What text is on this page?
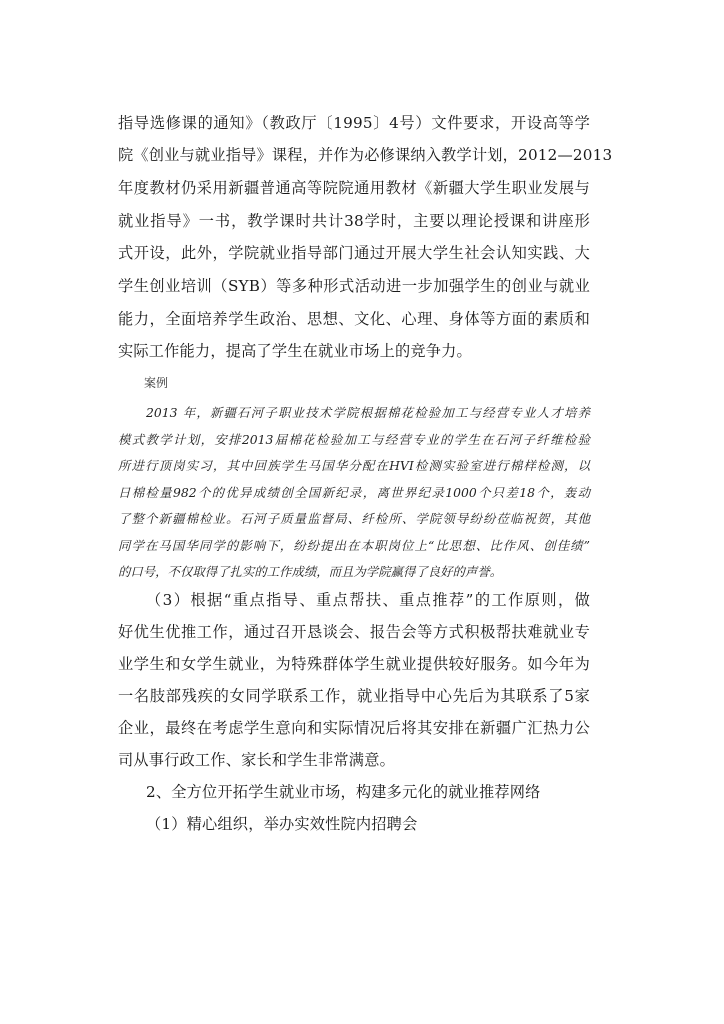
指导选修课的通知》（教政厅〔1995〕4号）文件要求，开设高等学
院《创业与就业指导》课程，并作为必修课纳入教学计划，2012—2013
年度教材仍采用新疆普通高等院院通用教材《新疆大学生职业发展与
就业指导》一书，教学课时共计38学时，主要以理论授课和讲座形
式开设，此外，学院就业指导部门通过开展大学生社会认知实践、大
学生创业培训（SYB）等多种形式活动进一步加强学生的创业与就业
能力，全面培养学生政治、思想、文化、心理、身体等方面的素质和
实际工作能力，提高了学生在就业市场上的竞争力。
案例
2013 年，新疆石河子职业技术学院根据棉花检验加工与经营专业人才培养
模式教学计划，安排2013届棉花检验加工与经营专业的学生在石河子纤维检验
所进行顶岗实习，其中回族学生马国华分配在HVI检测实验室进行棉样检测，以
日棉检量982个的优异成绩创全国新纪录，离世界纪录1000个只差18个，轰动
了整个新疆棉检业。石河子质量监督局、纤检所、学院领导纷纷莅临祝贺，其他
同学在马国华同学的影响下，纷纷提出在本职岗位上“比思想、比作风、创佳绩”
的口号，不仅取得了扎实的工作成绩，而且为学院赢得了良好的声誉。
（3）根据“重点指导、重点帮扶、重点推荐”的工作原则，做
好优生优推工作，通过召开恳谈会、报告会等方式积极帮扶难就业专
业学生和女学生就业，为特殊群体学生就业提供较好服务。如今年为
一名肢部残疾的女同学联系工作，就业指导中心先后为其联系了5家
企业，最终在考虑学生意向和实际情况后将其安排在新疆广汇热力公
司从事行政工作、家长和学生非常满意。
2、全方位开拓学生就业市场，构建多元化的就业推荐网络
（1）精心组织，举办实效性院内招聘会
